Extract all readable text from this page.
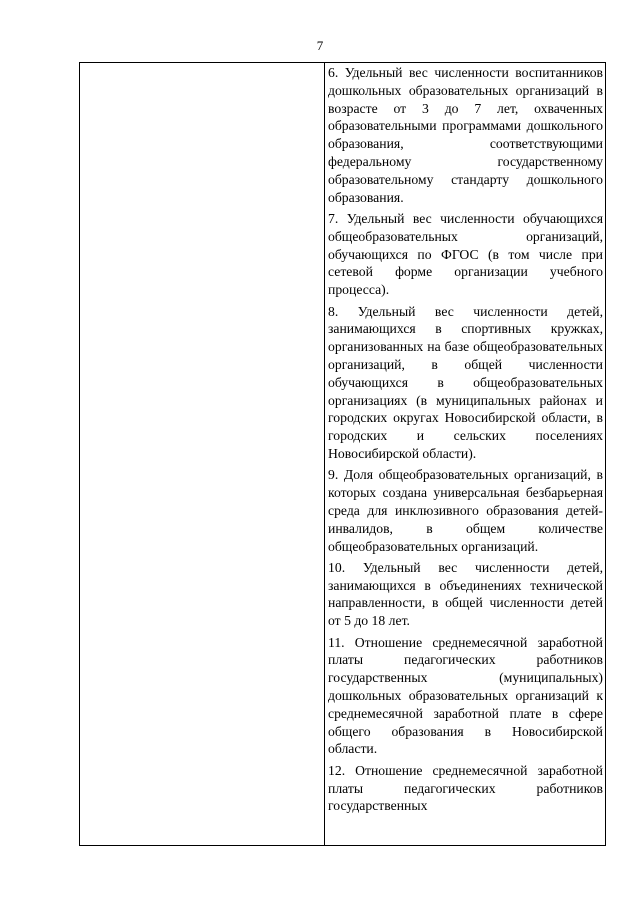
7

6. Удельный вес численности воспитанников дошкольных образовательных организаций в возрасте от 3 до 7 лет, охваченных образовательными программами дошкольного образования, соответствующими федеральному государственному образовательному стандарту дошкольного образования.

7. Удельный вес численности обучающихся общеобразовательных организаций, обучающихся по ФГОС (в том числе при сетевой форме организации учебного процесса).

8. Удельный вес численности детей, занимающихся в спортивных кружках, организованных на базе общеобразовательных организаций, в общей численности обучающихся в общеобразовательных организациях (в муниципальных районах и городских округах Новосибирской области, в городских и сельских поселениях Новосибирской области).

9. Доля общеобразовательных организаций, в которых создана универсальная безбарьерная среда для инклюзивного образования детей-инвалидов, в общем количестве общеобразовательных организаций.

10. Удельный вес численности детей, занимающихся в объединениях технической направленности, в общей численности детей от 5 до 18 лет.

11. Отношение среднемесячной заработной платы педагогических работников государственных (муниципальных) дошкольных образовательных организаций к среднемесячной заработной плате в сфере общего образования в Новосибирской области.

12. Отношение среднемесячной заработной платы педагогических работников государственных
